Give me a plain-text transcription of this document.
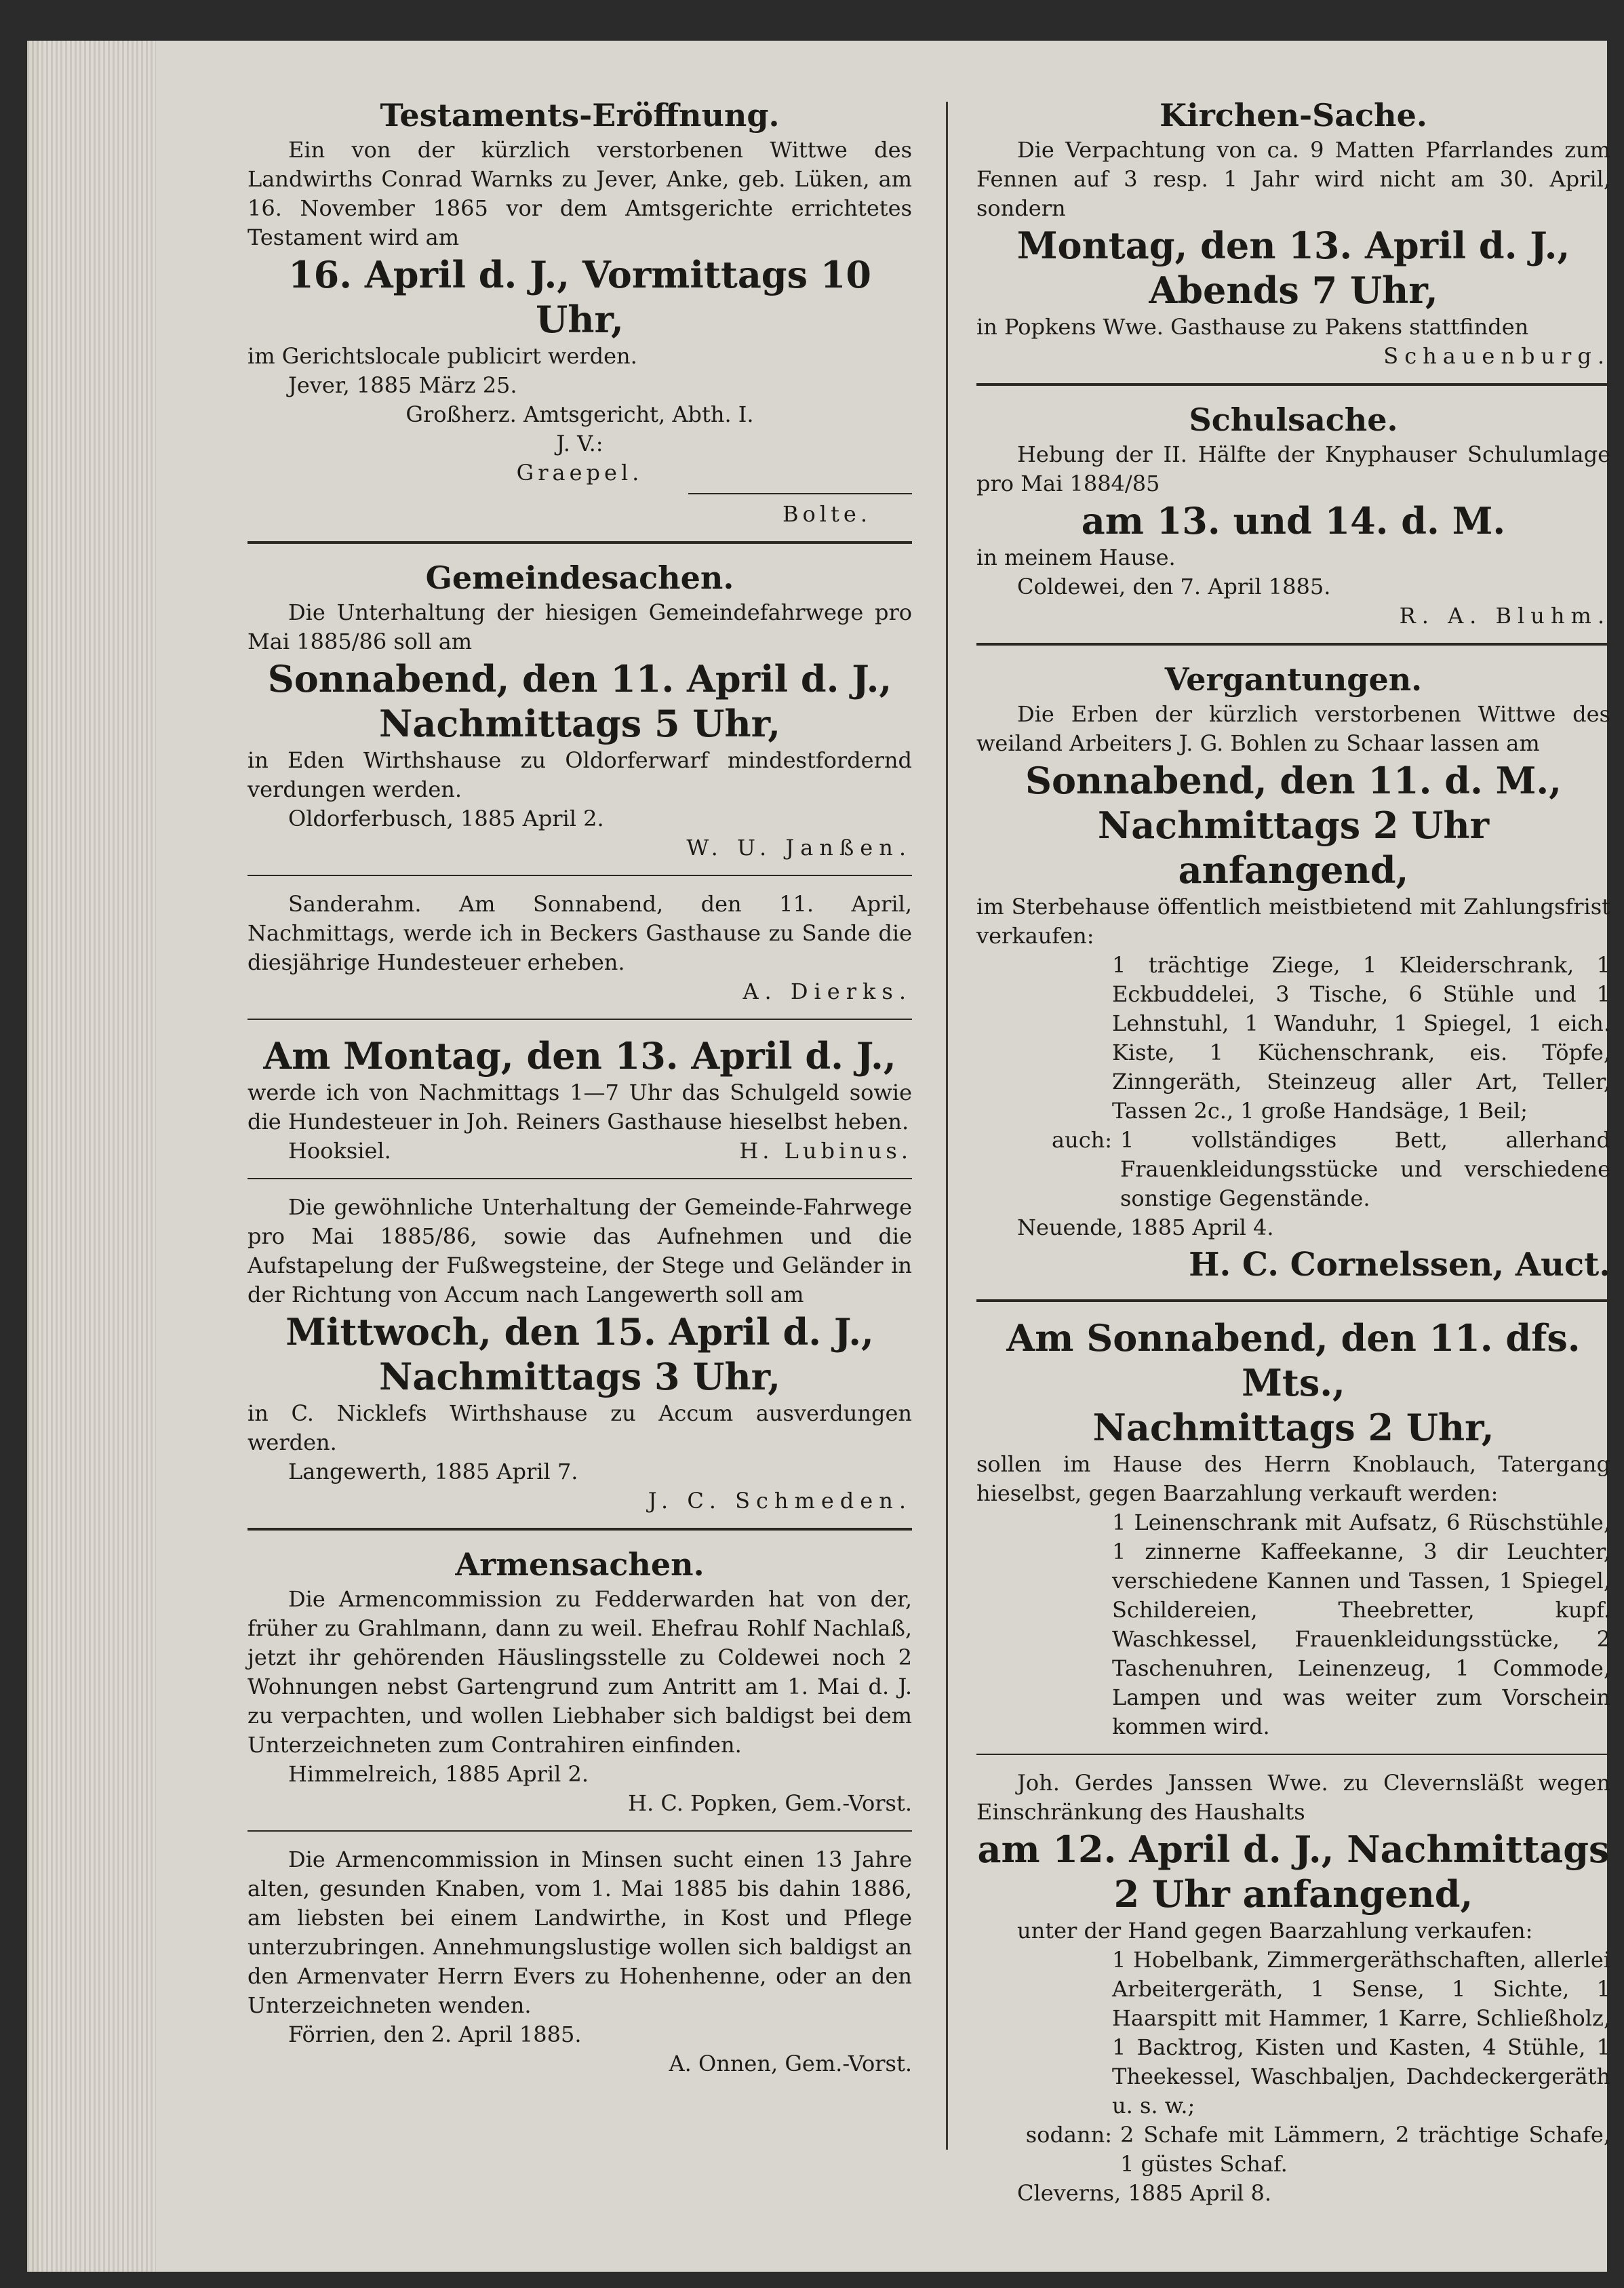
Testaments-Eröffnung.

Ein von der kürzlich verstorbenen Wittwe des Landwirths Conrad Warnks zu Jever, Anke, geb. Lüken, am 16. November 1865 vor dem Amtsgerichte errichtetes Testament wird am

16. April d. J., Vormittags 10 Uhr,

im Gerichtslocale publicirt werden.

Jever, 1885 März 25.

Großherz. Amtsgericht, Abth. I.

J. V.:

Graepel.

Bolte.

Gemeindesachen.

Die Unterhaltung der hiesigen Gemeindefahrwege pro Mai 1885/86 soll am

Sonnabend, den 11. April d. J.,
Nachmittags 5 Uhr,

in Eden Wirthshause zu Oldorferwarf mindestfordernd verdungen werden.

Oldorferbusch, 1885 April 2.

W. U. Janßen.

Sanderahm. Am Sonnabend, den 11. April, Nachmittags, werde ich in Beckers Gasthause zu Sande die diesjährige Hundesteuer erheben.

A. Dierks.
Am Montag, den 13. April d. J.,

werde ich von Nachmittags 1—7 Uhr das Schulgeld sowie die Hundesteuer in Joh. Reiners Gasthause hieselbst heben.

Hooksiel.	H. Lubinus.

Die gewöhnliche Unterhaltung der Gemeinde-Fahrwege pro Mai 1885/86, sowie das Aufnehmen und die Aufstapelung der Fußwegsteine, der Stege und Geländer in der Richtung von Accum nach Langewerth soll am

Mittwoch, den 15. April d. J.,
Nachmittags 3 Uhr,

in C. Nicklefs Wirthshause zu Accum ausverdungen werden.

Langewerth, 1885 April 7.

J. C. Schmeden.
Armensachen.

Die Armencommission zu Fedderwarden hat von der, früher zu Grahlmann, dann zu weil. Ehefrau Rohlf Nachlaß, jetzt ihr gehörenden Häuslingsstelle zu Coldewei noch 2 Wohnungen nebst Gartengrund zum Antritt am 1. Mai d. J. zu verpachten, und wollen Liebhaber sich baldigst bei dem Unterzeichneten zum Contrahiren einfinden.

Himmelreich, 1885 April 2.

H. C. Popken, Gem.-Vorst.

Die Armencommission in Minsen sucht einen 13 Jahre alten, gesunden Knaben, vom 1. Mai 1885 bis dahin 1886, am liebsten bei einem Landwirthe, in Kost und Pflege unterzubringen. Annehmungslustige wollen sich baldigst an den Armenvater Herrn Evers zu Hohenhenne, oder an den Unterzeichneten wenden.

Förrien, den 2. April 1885.

A. Onnen, Gem.-Vorst.

Kirchen-Sache.

Die Verpachtung von ca. 9 Matten Pfarrlandes zum Fennen auf 3 resp. 1 Jahr wird nicht am 30. April, sondern

Montag, den 13. April d. J.,
Abends 7 Uhr,

in Popkens Wwe. Gasthause zu Pakens stattfinden

Schauenburg.
Schulsache.

Hebung der II. Hälfte der Knyphauser Schulumlage pro Mai 1884/85

am 13. und 14. d. M.

in meinem Hause.

Coldewei, den 7. April 1885.

R. A. Bluhm.
Vergantungen.

Die Erben der kürzlich verstorbenen Wittwe des weiland Arbeiters J. G. Bohlen zu Schaar lassen am

Sonnabend, den 11. d. M.,
Nachmittags 2 Uhr anfangend,

im Sterbehause öffentlich meistbietend mit Zahlungsfrist verkaufen:

1 trächtige Ziege, 1 Kleiderschrank, 1 Eckbuddelei, 3 Tische, 6 Stühle und 1 Lehnstuhl, 1 Wanduhr, 1 Spiegel, 1 eich. Kiste, 1 Küchenschrank, eis. Töpfe, Zinngeräth, Steinzeug aller Art, Teller, Tassen 2c., 1 große Handsäge, 1 Beil;

auch: 1 vollständiges Bett, allerhand Frauenkleidungsstücke und verschiedene sonstige Gegenstände.

Neuende, 1885 April 4.

H. C. Cornelssen, Auct.
Am Sonnabend, den 11. dfs. Mts.,
Nachmittags 2 Uhr,

sollen im Hause des Herrn Knoblauch, Tatergang hieselbst, gegen Baarzahlung verkauft werden:

1 Leinenschrank mit Aufsatz, 6 Rüschstühle, 1 zinnerne Kaffeekanne, 3 dir Leuchter, verschiedene Kannen und Tassen, 1 Spiegel, Schildereien, Theebretter, kupf. Waschkessel, Frauenkleidungsstücke, 2 Taschenuhren, Leinenzeug, 1 Commode, Lampen und was weiter zum Vorschein kommen wird.

Joh. Gerdes Janssen Wwe. zu Clevernsläßt wegen Einschränkung des Haushalts

am 12. April d. J., Nachmittags
2 Uhr anfangend,

unter der Hand gegen Baarzahlung verkaufen:

1 Hobelbank, Zimmergeräthschaften, allerlei Arbeitergeräth, 1 Sense, 1 Sichte, 1 Haarspitt mit Hammer, 1 Karre, Schließholz, 1 Backtrog, Kisten und Kasten, 4 Stühle, 1 Theekessel, Waschbaljen, Dachdeckergeräth u. s. w.;

sodann: 2 Schafe mit Lämmern, 2 trächtige Schafe, 1 güstes Schaf.

Cleverns, 1885 April 8.
